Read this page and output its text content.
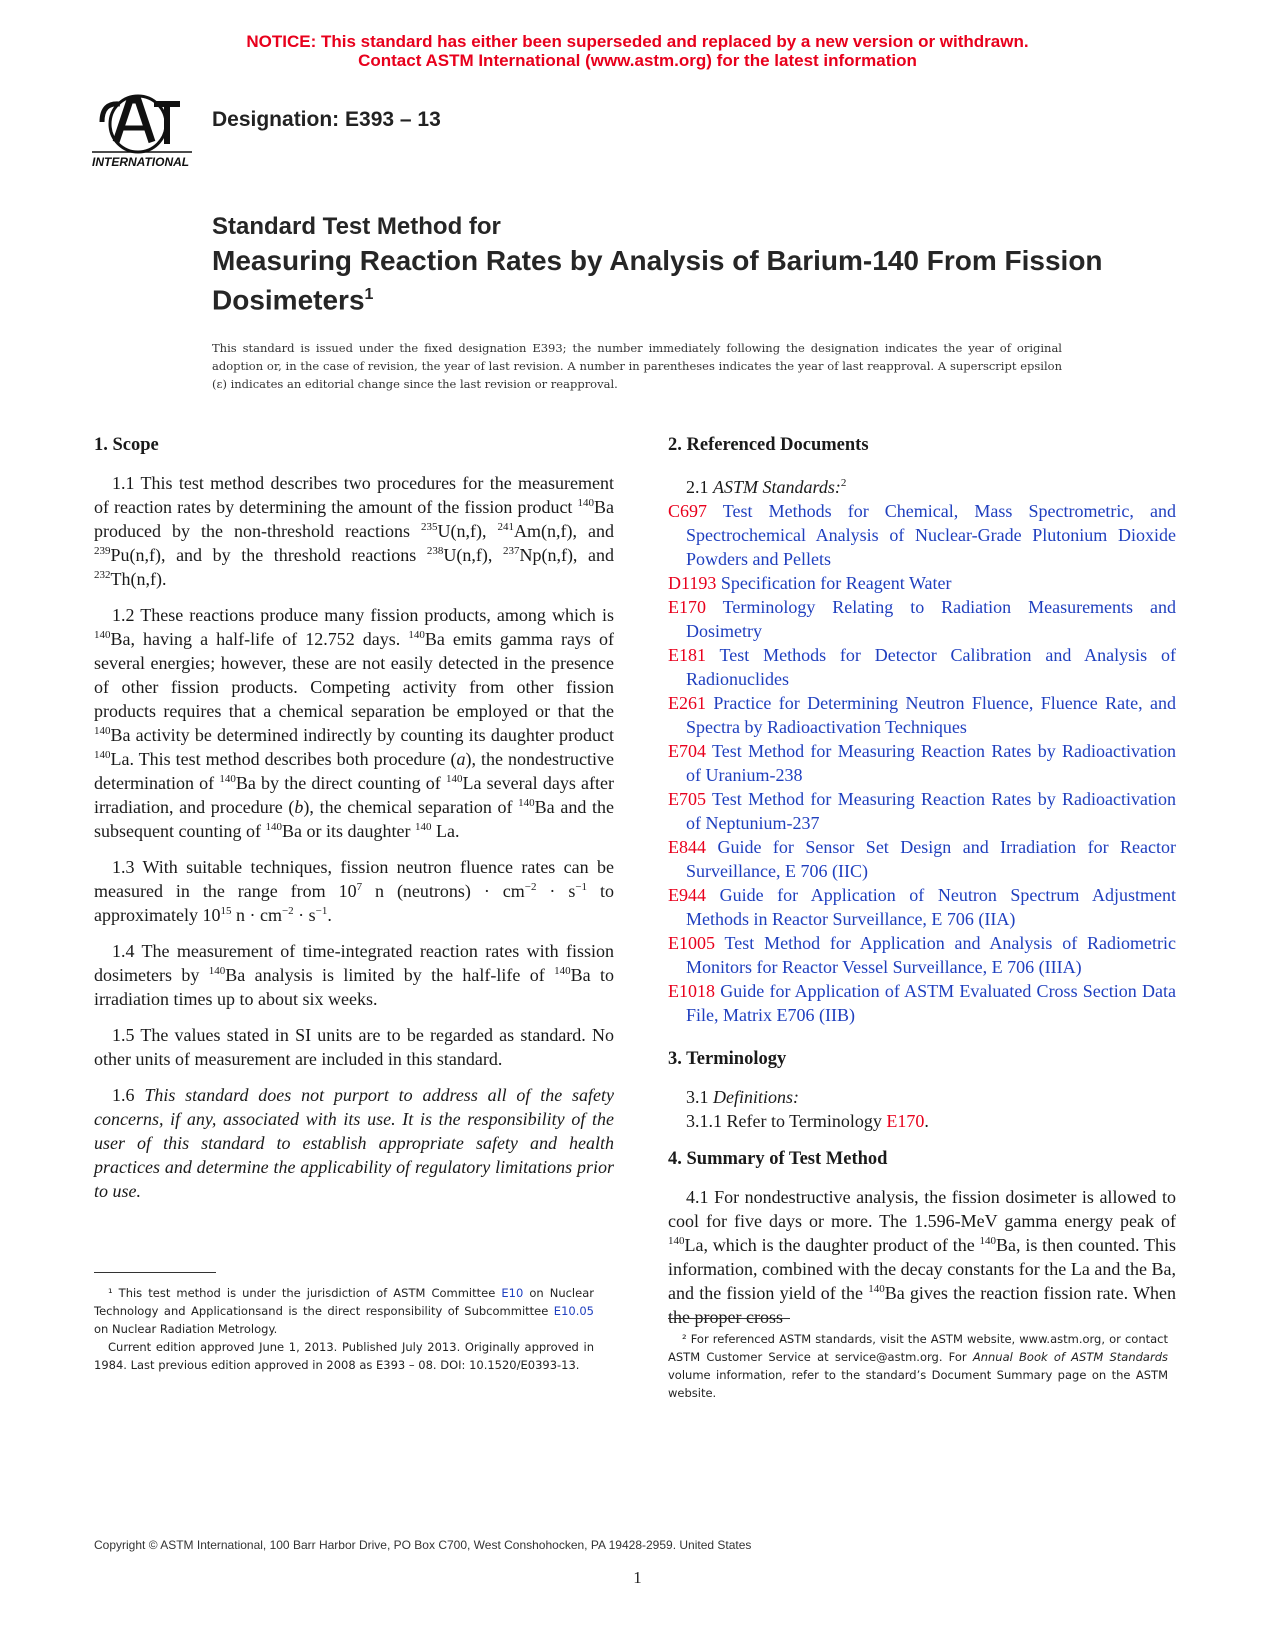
NOTICE: This standard has either been superseded and replaced by a new version or withdrawn.
Contact ASTM International (www.astm.org) for the latest information
INTERNATIONAL
Designation: E393 – 13
Standard Test Method for
Measuring Reaction Rates by Analysis of Barium-140 From Fission Dosimeters$^1$
This standard is issued under the fixed designation E393; the number immediately following the designation indicates the year of original adoption or, in the case of revision, the year of last revision. A number in parentheses indicates the year of last reapproval. A superscript epsilon (ε) indicates an editorial change since the last revision or reapproval.
1. Scope

1.1 This test method describes two procedures for the measurement of reaction rates by determining the amount of the fission product $^{140}$Ba produced by the non-threshold reactions $^{235}$U(n,f), $^{241}$Am(n,f), and $^{239}$Pu(n,f), and by the threshold reactions $^{238}$U(n,f), $^{237}$Np(n,f), and $^{232}$Th(n,f).

1.2 These reactions produce many fission products, among which is $^{140}$Ba, having a half-life of 12.752 days. $^{140}$Ba emits gamma rays of several energies; however, these are not easily detected in the presence of other fission products. Competing activity from other fission products requires that a chemical separation be employed or that the $^{140}$Ba activity be determined indirectly by counting its daughter product $^{140}$La. This test method describes both procedure (a), the nondestructive determination of $^{140}$Ba by the direct counting of $^{140}$La several days after irradiation, and procedure (b), the chemical separation of $^{140}$Ba and the subsequent counting of $^{140}$Ba or its daughter $^{140}$ La.

1.3 With suitable techniques, fission neutron fluence rates can be measured in the range from $10^7$ n (neutrons) · $cm^{-2} \cdot s^{-1}$ to approximately $10^{15}$ $n \cdot cm^{-2} \cdot s^{-1}$.

1.4 The measurement of time-integrated reaction rates with fission dosimeters by $^{140}$Ba analysis is limited by the half-life of $^{140}$Ba to irradiation times up to about six weeks.

1.5 The values stated in SI units are to be regarded as standard. No other units of measurement are included in this standard.

1.6 This standard does not purport to address all of the safety concerns, if any, associated with its use. It is the responsibility of the user of this standard to establish appropriate safety and health practices and determine the applicability of regulatory limitations prior to use.

2. Referenced Documents

2.1 ASTM Standards:$^2$

C697 Test Methods for Chemical, Mass Spectrometric, and Spectrochemical Analysis of Nuclear-Grade Plutonium Dioxide Powders and Pellets

D1193 Specification for Reagent Water

E170 Terminology Relating to Radiation Measurements and Dosimetry

E181 Test Methods for Detector Calibration and Analysis of Radionuclides

E261 Practice for Determining Neutron Fluence, Fluence Rate, and Spectra by Radioactivation Techniques

E704 Test Method for Measuring Reaction Rates by Radioactivation of Uranium-238

E705 Test Method for Measuring Reaction Rates by Radioactivation of Neptunium-237

E844 Guide for Sensor Set Design and Irradiation for Reactor Surveillance, E 706 (IIC)

E944 Guide for Application of Neutron Spectrum Adjustment Methods in Reactor Surveillance, E 706 (IIA)

E1005 Test Method for Application and Analysis of Radiometric Monitors for Reactor Vessel Surveillance, E 706 (IIIA)

E1018 Guide for Application of ASTM Evaluated Cross Section Data File, Matrix E706 (IIB)

3. Terminology

3.1 Definitions:

3.1.1 Refer to Terminology E170.

4. Summary of Test Method

4.1 For nondestructive analysis, the fission dosimeter is allowed to cool for five days or more. The 1.596-MeV gamma energy peak of $^{140}$La, which is the daughter product of the $^{140}$Ba, is then counted. This information, combined with the decay constants for the La and the Ba, and the fission yield of the $^{140}$Ba gives the reaction fission rate. When the proper cross

¹ This test method is under the jurisdiction of ASTM Committee E10 on Nuclear Technology and Applicationsand is the direct responsibility of Subcommittee E10.05 on Nuclear Radiation Metrology.

Current edition approved June 1, 2013. Published July 2013. Originally approved in 1984. Last previous edition approved in 2008 as E393 – 08. DOI: 10.1520/E0393-13.

² For referenced ASTM standards, visit the ASTM website, www.astm.org, or contact ASTM Customer Service at service@astm.org. For Annual Book of ASTM Standards volume information, refer to the standard’s Document Summary page on the ASTM website.

Copyright © ASTM International, 100 Barr Harbor Drive, PO Box C700, West Conshohocken, PA 19428-2959. United States
1
